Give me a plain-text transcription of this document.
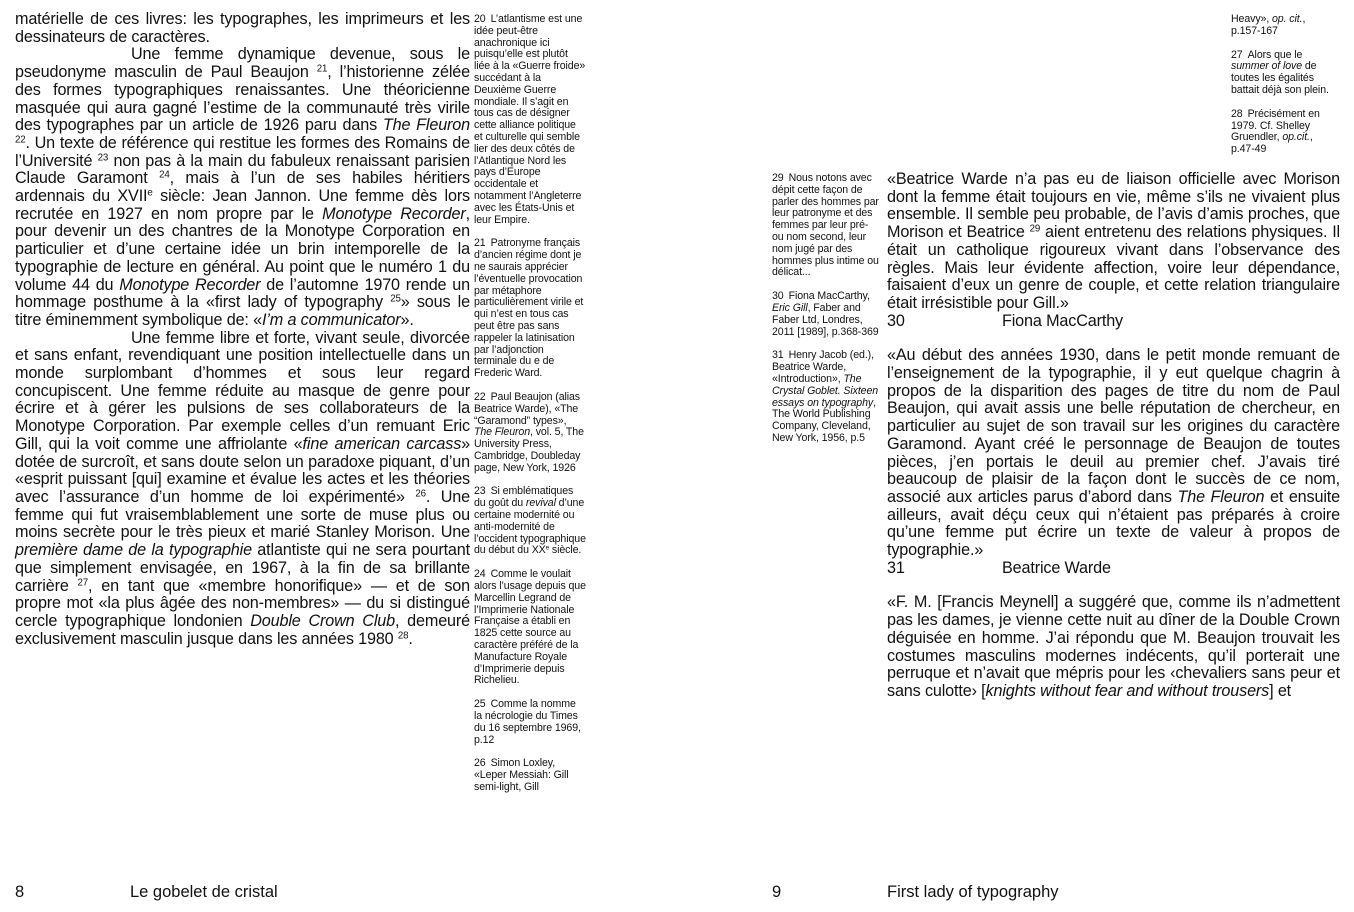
matérielle de ces livres: les typographes, les imprimeurs et les dessinateurs de caractères.

Une femme dynamique devenue, sous le pseudonyme masculin de Paul Beaujon $^{21}$, l’historienne zélée des formes typographiques renaissantes. Une théoricienne masquée qui aura gagné l’estime de la communauté très virile des typographes par un article de 1926 paru dans The Fleuron $^{22}$. Un texte de référence qui restitue les formes des Romains de l’Université $^{23}$ non pas à la main du fabuleux renaissant parisien Claude Garamont $^{24}$, mais à l’un de ses habiles héritiers ardennais du XVIIe siècle: Jean Jannon. Une femme dès lors recrutée en 1927 en nom propre par le Monotype Recorder, pour devenir un des chantres de la Monotype Corporation en particulier et d’une certaine idée un brin intemporelle de la typographie de lecture en général. Au point que le numéro 1 du volume 44 du Monotype Recorder de l’automne 1970 rende un hommage posthume à la «first lady of typography $^{25}$» sous le titre éminemment symbolique de: «I’m a communicator».

Une femme libre et forte, vivant seule, divorcée et sans enfant, revendiquant une position intellectuelle dans un monde surplombant d’hommes et sous leur regard concupiscent. Une femme réduite au masque de genre pour écrire et à gérer les pulsions de ses collaborateurs de la Monotype Corporation. Par exemple celles d’un remuant Eric Gill, qui la voit comme une affriolante «fine american carcass» dotée de surcroît, et sans doute selon un paradoxe piquant, d’un «esprit puissant [qui] examine et évalue les actes et les théories avec l’assurance d’un homme de loi expérimenté» $^{26}$. Une femme qui fut vraisemblablement une sorte de muse plus ou moins secrète pour le très pieux et marié Stanley Morison. Une première dame de la typographie atlantiste qui ne sera pourtant que simplement envisagée, en 1967, à la fin de sa brillante carrière $^{27}$, en tant que «membre honorifique» — et de son propre mot «la plus âgée des non-membres» — du si distingué cercle typographique londonien Double Crown Club, demeuré exclusivement masculin jusque dans les années 1980 $^{28}$.

20 L’atlantisme est une idée peut-être anachronique ici puisqu’elle est plutôt liée à la «Guerre froide» succédant à la Deuxième Guerre mondiale. Il s’agit en tous cas de désigner cette alliance politique et culturelle qui semble lier des deux côtés de l’Atlantique Nord les pays d’Europe occidentale et notamment l’Angleterre avec les États-Unis et leur Empire.
21 Patronyme français d’ancien régime dont je ne saurais apprécier l’éventuelle provocation par métaphore particulièrement virile et qui n’est en tous cas peut être pas sans rappeler la latinisation par l’adjonction terminale du e de Frederic Ward.
22 Paul Beaujon (alias Beatrice Warde), «The “Garamond” types», The Fleuron, vol. 5, The University Press, Cambridge, Doubleday page, New York, 1926
23 Si emblématiques du goût du revival d’une certaine modernité ou anti-modernité de l’occident typographique du début du XXe siècle.
24 Comme le voulait alors l’usage depuis que Marcellin Legrand de l’Imprimerie Nationale Française a établi en 1825 cette source au caractère préféré de la Manufacture Royale d’Imprimerie depuis Richelieu.
25 Comme la nomme la nécrologie du Times du 16 septembre 1969, p.12
26 Simon Loxley, «Leper Messiah: Gill semi-light, Gill
8	Le gobelet de cristal
Heavy», op. cit., p.157-167
27 Alors que le summer of love de toutes les égalités battait déjà son plein.
28 Précisément en 1979. Cf. Shelley Gruendler, op.cit., p.47-49
29 Nous notons avec dépit cette façon de parler des hommes par leur patronyme et des femmes par leur pré- ou nom second, leur nom jugé par des hommes plus intime ou délicat...
30 Fiona MacCarthy, Eric Gill, Faber and Faber Ltd, Londres, 2011 [1989], p.368-369
31 Henry Jacob (ed.), Beatrice Warde, «Introduction», The Crystal Goblet. Sixteen essays on typography, The World Publishing Company, Cleveland, New York, 1956, p.5

«Beatrice Warde n’a pas eu de liaison officielle avec Morison dont la femme était toujours en vie, même s’ils ne vivaient plus ensemble. Il semble peu probable, de l’avis d’amis proches, que Morison et Beatrice $^{29}$ aient entretenu des relations physiques. Il était un catholique rigoureux vivant dans l’observance des règles. Mais leur évidente affection, voire leur dépendance, faisaient d’eux un genre de couple, et cette relation triangulaire était irrésistible pour Gill.»

30	Fiona MacCarthy

«Au début des années 1930, dans le petit monde remuant de l’enseignement de la typographie, il y eut quelque chagrin à propos de la disparition des pages de titre du nom de Paul Beaujon, qui avait assis une belle réputation de chercheur, en particulier au sujet de son travail sur les origines du caractère Garamond. Ayant créé le personnage de Beaujon de toutes pièces, j’en portais le deuil au premier chef. J’avais tiré beaucoup de plaisir de la façon dont le succès de ce nom, associé aux articles parus d’abord dans The Fleuron et ensuite ailleurs, avait déçu ceux qui n’étaient pas préparés à croire qu’une femme put écrire un texte de valeur à propos de typographie.»

31	Beatrice Warde

«F. M. [Francis Meynell] a suggéré que, comme ils n’admettent pas les dames, je vienne cette nuit au dîner de la Double Crown déguisée en homme. J’ai répondu que M. Beaujon trouvait les costumes masculins modernes indécents, qu’il porterait une perruque et n’avait que mépris pour les ‹chevaliers sans peur et sans culotte› [knights without fear and without trousers] et

9	First lady of typography
